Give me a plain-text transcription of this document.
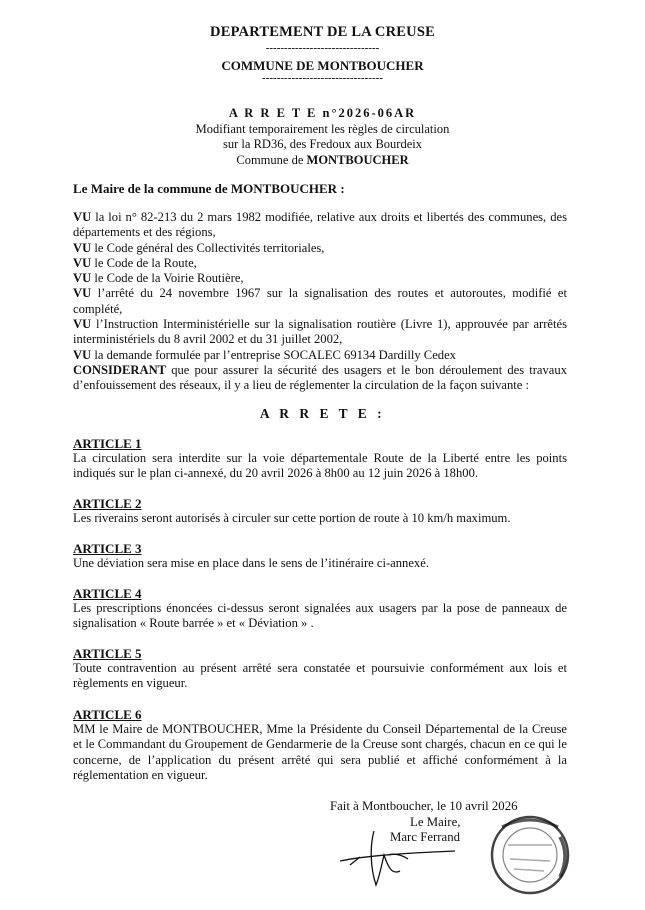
DEPARTEMENT DE LA CREUSE
-------------------------------
COMMUNE DE MONTBOUCHER
---------------------------------
A R R E T E n°2026-06AR
Modifiant temporairement les règles de circulation
sur la RD36, des Fredoux aux Bourdeix
Commune de MONTBOUCHER
Le Maire de la commune de MONTBOUCHER :

VU la loi n° 82-213 du 2 mars 1982 modifiée, relative aux droits et libertés des communes, des départements et des régions,

VU le Code général des Collectivités territoriales,

VU le Code de la Route,

VU le Code de la Voirie Routière,

VU l’arrêté du 24 novembre 1967 sur la signalisation des routes et autoroutes, modifié et complété,

VU l’Instruction Interministérielle sur la signalisation routière (Livre 1), approuvée par arrêtés interministériels du 8 avril 2002 et du 31 juillet 2002,

VU la demande formulée par l’entreprise SOCALEC 69134 Dardilly Cedex

CONSIDERANT que pour assurer la sécurité des usagers et le bon déroulement des travaux d’enfouissement des réseaux, il y a lieu de réglementer la circulation de la façon suivante :

A R R E T E :
ARTICLE 1

La circulation sera interdite sur la voie départementale Route de la Liberté entre les points indiqués sur le plan ci-annexé, du 20 avril 2026 à 8h00 au 12 juin 2026 à 18h00.

ARTICLE 2

Les riverains seront autorisés à circuler sur cette portion de route à 10 km/h maximum.

ARTICLE 3

Une déviation sera mise en place dans le sens de l’itinéraire ci-annexé.

ARTICLE 4

Les prescriptions énoncées ci-dessus seront signalées aux usagers par la pose de panneaux de signalisation « Route barrée » et « Déviation » .

ARTICLE 5

Toute contravention au présent arrêté sera constatée et poursuivie conformément aux lois et règlements en vigueur.

ARTICLE 6

MM le Maire de MONTBOUCHER, Mme la Présidente du Conseil Départemental de la Creuse et le Commandant du Groupement de Gendarmerie de la Creuse sont chargés, chacun en ce qui le concerne, de l’application du présent arrêté qui sera publié et affiché conformément à la réglementation en vigueur.

Fait à Montboucher, le 10 avril 2026
Le Maire,
Marc Ferrand
